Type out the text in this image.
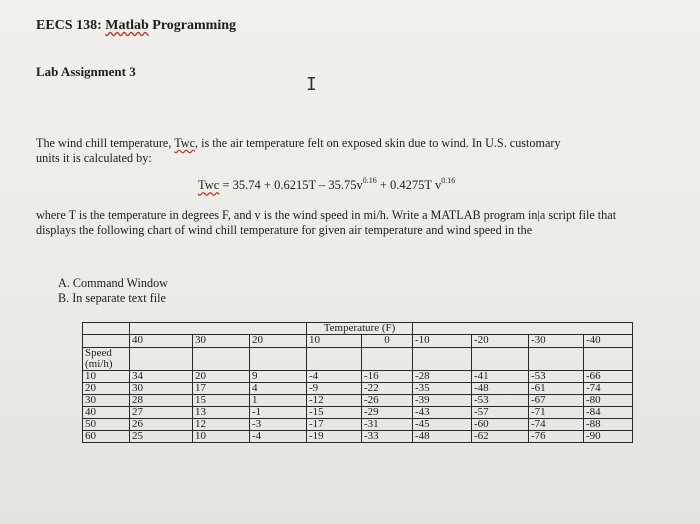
EECS 138: Matlab Programming
Lab Assignment 3
I
The wind chill temperature, Twc, is the air temperature felt on exposed skin due to wind. In U.S. customary units it is calculated by:
Twc = $35.74 + 0.6215T - 35.75v^{0.16} + 0.4275T$ $v^{0.16}$
where T is the temperature in degrees F, and v is the wind speed in mi/h. Write a MATLAB program in|a script file that displays the following chart of wind chill temperature for given air temperature and wind speed in the
A. Command Window
B. In separate text file
				Temperature (F)					
	40	30	20	10	0	-10	-20	-30	-40
Speed (mi/h)									
10	34	20	9	-4	-16	-28	-41	-53	-66
20	30	17	4	-9	-22	-35	-48	-61	-74
30	28	15	1	-12	-26	-39	-53	-67	-80
40	27	13	-1	-15	-29	-43	-57	-71	-84
50	26	12	-3	-17	-31	-45	-60	-74	-88
60	25	10	-4	-19	-33	-48	-62	-76	-90
